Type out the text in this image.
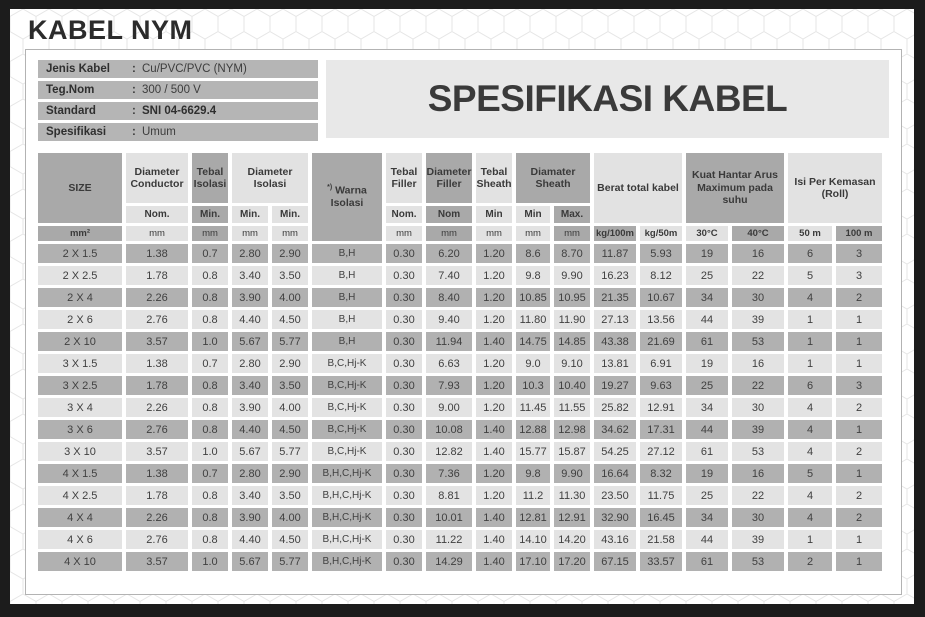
KABEL NYM
Jenis Kabel	: Cu/PVC/PVC (NYM)
Teg.Nom	: 300 / 500 V
Standard	: SNI 04-6629.4
Spesifikasi	: Umum
SPESIFIKASI KABEL
SIZE	Diameter Conductor	Tebal Isolasi	Diameter Isolasi		*) Warna Isolasi	Tebal Filler	Diameter Filler	Tebal Sheath	Diamater Sheath		Berat total kabel		Kuat Hantar Arus Maximum pada suhu		Isi Per Kemasan (Roll)	
	Nom.	Min.	Min.	Min.		Nom.	Nom	Min	Min	Max.						
mm²	mm	mm	mm	mm		mm	mm	mm	mm	mm	kg/100m	kg/50m	30°C	40°C	50 m	100 m
2 X 1.5	1.38	0.7	2.80	2.90	B,H	0.30	6.20	1.20	8.6	8.70	11.87	5.93	19	16	6	3
2 X 2.5	1.78	0.8	3.40	3.50	B,H	0.30	7.40	1.20	9.8	9.90	16.23	8.12	25	22	5	3
2 X 4	2.26	0.8	3.90	4.00	B,H	0.30	8.40	1.20	10.85	10.95	21.35	10.67	34	30	4	2
2 X 6	2.76	0.8	4.40	4.50	B,H	0.30	9.40	1.20	11.80	11.90	27.13	13.56	44	39	1	1
2 X 10	3.57	1.0	5.67	5.77	B,H	0.30	11.94	1.40	14.75	14.85	43.38	21.69	61	53	1	1
3 X 1.5	1.38	0.7	2.80	2.90	B,C,Hj-K	0.30	6.63	1.20	9.0	9.10	13.81	6.91	19	16	1	1
3 X 2.5	1.78	0.8	3.40	3.50	B,C,Hj-K	0.30	7.93	1.20	10.3	10.40	19.27	9.63	25	22	6	3
3 X 4	2.26	0.8	3.90	4.00	B,C,Hj-K	0.30	9.00	1.20	11.45	11.55	25.82	12.91	34	30	4	2
3 X 6	2.76	0.8	4.40	4.50	B,C,Hj-K	0.30	10.08	1.40	12.88	12.98	34.62	17.31	44	39	4	1
3 X 10	3.57	1.0	5.67	5.77	B,C,Hj-K	0.30	12.82	1.40	15.77	15.87	54.25	27.12	61	53	4	2
4 X 1.5	1.38	0.7	2.80	2.90	B,H,C,Hj-K	0.30	7.36	1.20	9.8	9.90	16.64	8.32	19	16	5	1
4 X 2.5	1.78	0.8	3.40	3.50	B,H,C,Hj-K	0.30	8.81	1.20	11.2	11.30	23.50	11.75	25	22	4	2
4 X 4	2.26	0.8	3.90	4.00	B,H,C,Hj-K	0.30	10.01	1.40	12.81	12.91	32.90	16.45	34	30	4	2
4 X 6	2.76	0.8	4.40	4.50	B,H,C,Hj-K	0.30	11.22	1.40	14.10	14.20	43.16	21.58	44	39	1	1
4 X 10	3.57	1.0	5.67	5.77	B,H,C,Hj-K	0.30	14.29	1.40	17.10	17.20	67.15	33.57	61	53	2	1
